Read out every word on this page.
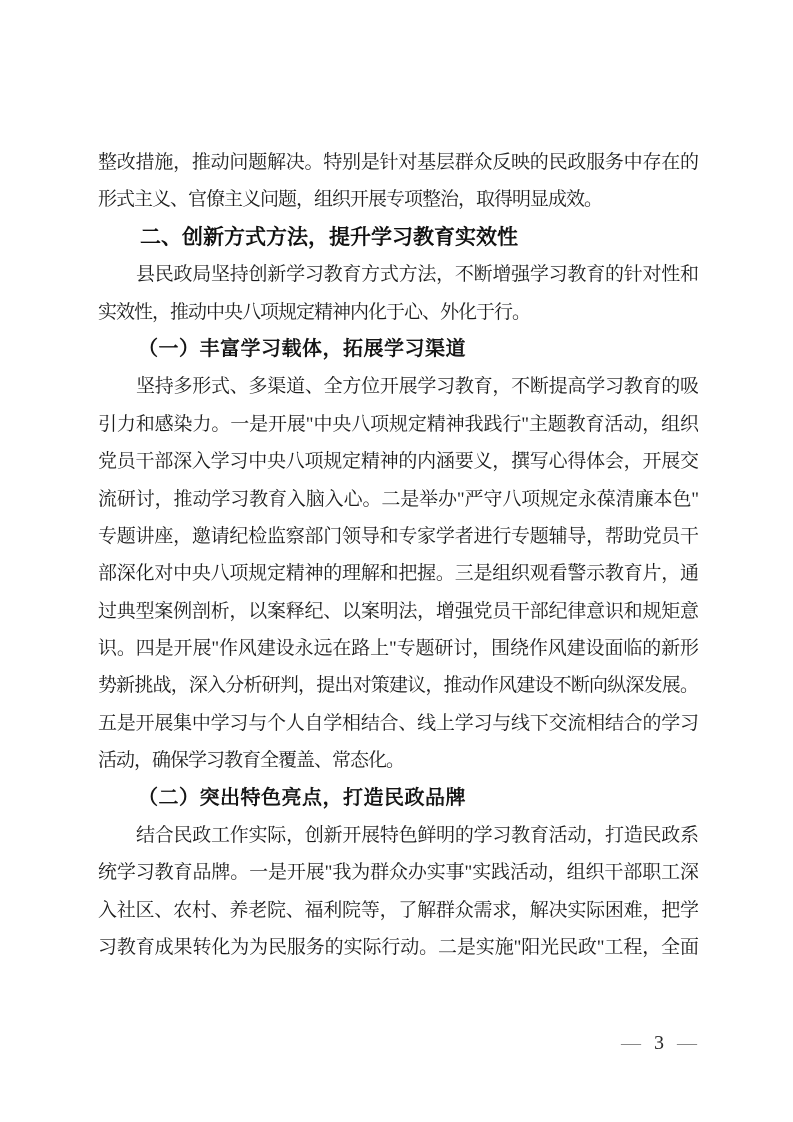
整改措施，推动问题解决。特别是针对基层群众反映的民政服务中存在的
形式主义、官僚主义问题，组织开展专项整治，取得明显成效。
二、创新方式方法，提升学习教育实效性
县民政局坚持创新学习教育方式方法，不断增强学习教育的针对性和
实效性，推动中央八项规定精神内化于心、外化于行。
（一）丰富学习载体，拓展学习渠道
坚持多形式、多渠道、全方位开展学习教育，不断提高学习教育的吸
引力和感染力。一是开展"中央八项规定精神我践行"主题教育活动，组织
党员干部深入学习中央八项规定精神的内涵要义，撰写心得体会，开展交
流研讨，推动学习教育入脑入心。二是举办"严守八项规定永葆清廉本色"
专题讲座，邀请纪检监察部门领导和专家学者进行专题辅导，帮助党员干
部深化对中央八项规定精神的理解和把握。三是组织观看警示教育片，通
过典型案例剖析，以案释纪、以案明法，增强党员干部纪律意识和规矩意
识。四是开展"作风建设永远在路上"专题研讨，围绕作风建设面临的新形
势新挑战，深入分析研判，提出对策建议，推动作风建设不断向纵深发展。
五是开展集中学习与个人自学相结合、线上学习与线下交流相结合的学习
活动，确保学习教育全覆盖、常态化。
（二）突出特色亮点，打造民政品牌
结合民政工作实际，创新开展特色鲜明的学习教育活动，打造民政系
统学习教育品牌。一是开展"我为群众办实事"实践活动，组织干部职工深
入社区、农村、养老院、福利院等，了解群众需求，解决实际困难，把学
习教育成果转化为为民服务的实际行动。二是实施"阳光民政"工程，全面
— 3 —
